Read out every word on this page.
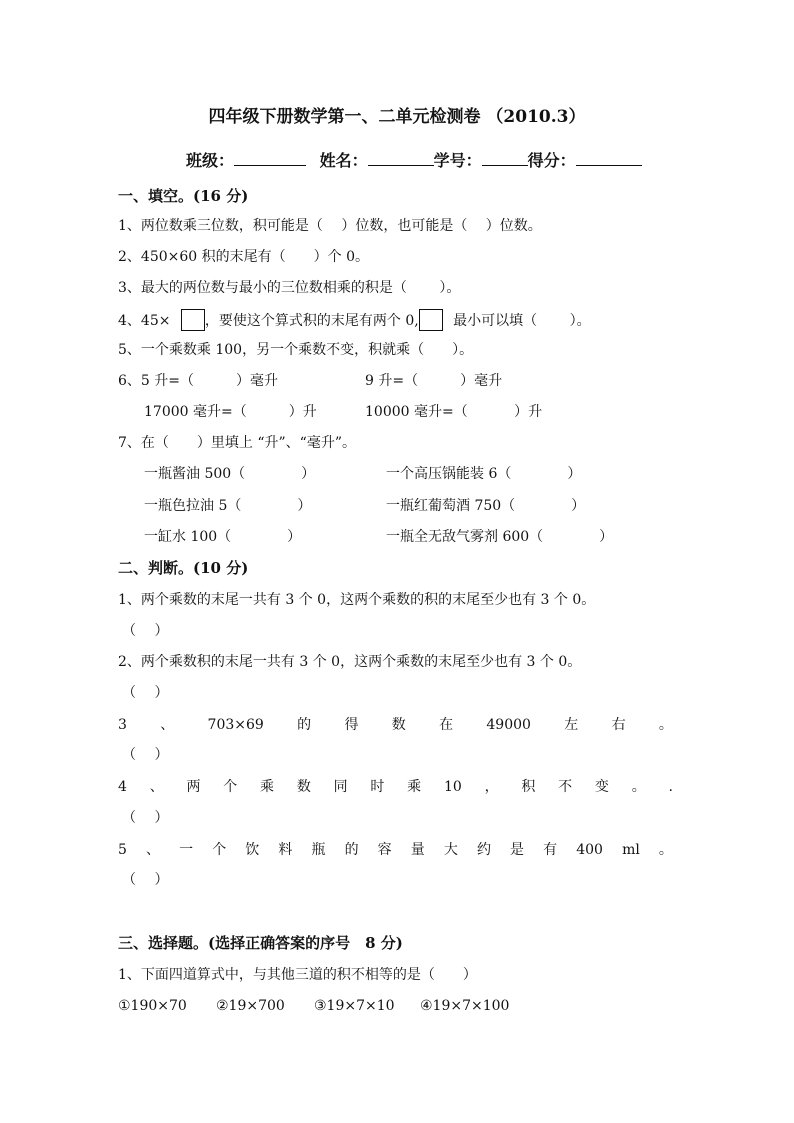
四年级下册数学第一、二单元检测卷 （2010.3）
班级：	姓名：	学号：	得分：
一、填空。(16 分)
1、两位数乘三位数，积可能是（　 ）位数，也可能是（　 ）位数。
2、450×60 积的末尾有（　　）个 0。
3、最大的两位数与最小的三位数相乘的积是（　　 ）。
4、45× ，要使这个算式积的末尾有两个 0, 最小可以填（　　 ）。
5、一个乘数乘 100，另一个乘数不变，积就乘（　　）。
6、5 升=（　　　）毫升	9 升=（　　　）毫升
17000 毫升=（　　　）升	10000 毫升=（　　　 ）升
7、在（　　）里填上 “升”、“毫升”。
一瓶酱油 500（　　　　）	一个高压锅能装 6（　　　　）
一瓶色拉油 5（　　　　）	一瓶红葡萄酒 750（　　　　）
一缸水 100（　　　　）	一瓶全无敌气雾剂 600（　　　　）
二、判断。(10 分)
1、两个乘数的末尾一共有 3 个 0，这两个乘数的积的末尾至少也有 3 个 0。
（　 ）
2、两个乘数积的末尾一共有 3 个 0，这两个乘数的末尾至少也有 3 个 0。
（　 ）
3 、 703×69 的 得 数 在 49000 左 右 。
（　 ）
4 、 两 个 乘 数 同 时 乘 10 ， 积 不 变 。 .
（　 ）
5 、 一 个 饮 料 瓶 的 容 量 大 约 是 有 400 ml 。
（　 ）
三、选择题。(选择正确答案的序号　8 分)
1、下面四道算式中，与其他三道的积不相等的是（　　）
①190×70 ②19×700 ③19×7×10 ④19×7×100
